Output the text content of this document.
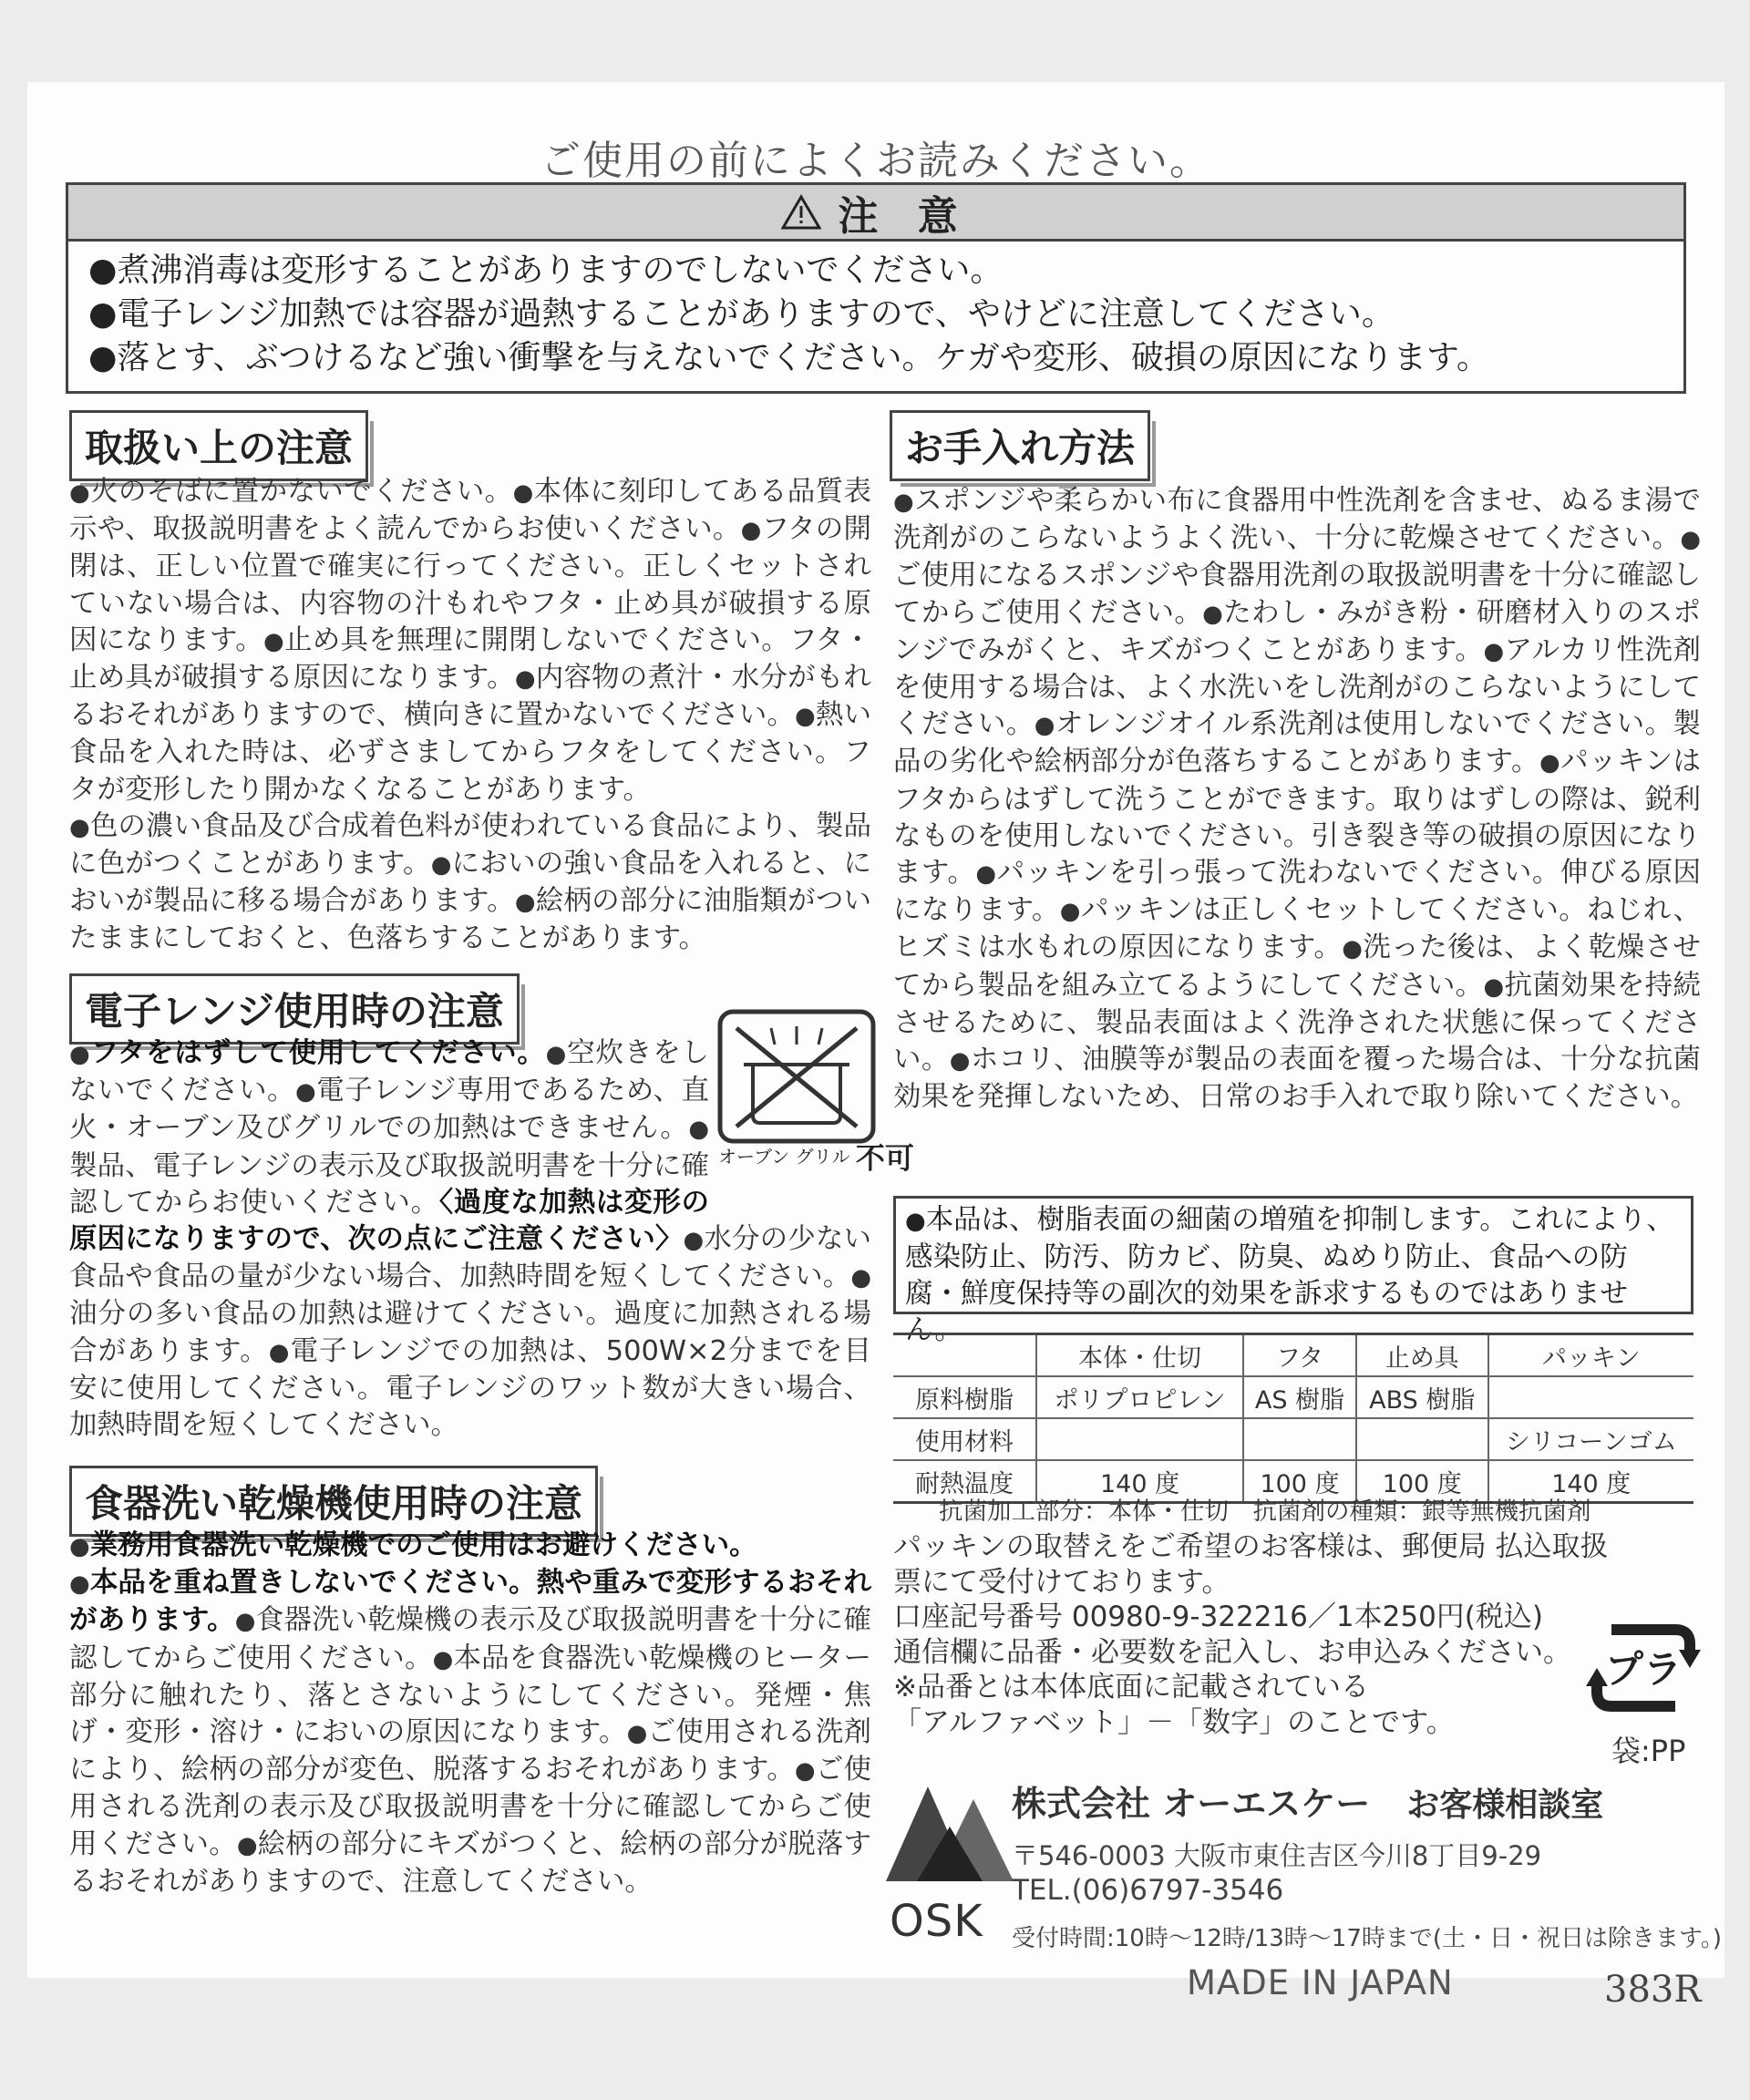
ご使用の前によくお読みください。
注 意
●煮沸消毒は変形することがありますのでしないでください。
●電子レンジ加熱では容器が過熱することがありますので、やけどに注意してください。
●落とす、ぶつけるなど強い衝撃を与えないでください。ケガや変形、破損の原因になります。
取扱い上の注意
●火のそばに置かないでください。●本体に刻印してある品質表示や、取扱説明書をよく読んでからお使いください。●フタの開閉は、正しい位置で確実に行ってください。正しくセットされていない場合は、内容物の汁もれやフタ・止め具が破損する原因になります。●止め具を無理に開閉しないでください。フタ・止め具が破損する原因になります。●内容物の煮汁・水分がもれるおそれがありますので、横向きに置かないでください。●熱い食品を入れた時は、必ずさましてからフタをしてください。フタが変形したり開かなくなることがあります。
●色の濃い食品及び合成着色料が使われている食品により、製品に色がつくことがあります。●においの強い食品を入れると、においが製品に移る場合があります。●絵柄の部分に油脂類がついたままにしておくと、色落ちすることがあります。
電子レンジ使用時の注意
オーブン グリル 不可
●フタをはずして使用してください。●空炊きをしないでください。●電子レンジ専用であるため、直火・オーブン及びグリルでの加熱はできません。●製品、電子レンジの表示及び取扱説明書を十分に確認してからお使いください。〈過度な加熱は変形の原因になりますので、次の点にご注意ください〉●水分の少ない食品や食品の量が少ない場合、加熱時間を短くしてください。●油分の多い食品の加熱は避けてください。過度に加熱される場合があります。●電子レンジでの加熱は、500W×2分までを目安に使用してください。電子レンジのワット数が大きい場合、加熱時間を短くしてください。
食器洗い乾燥機使用時の注意
●業務用食器洗い乾燥機でのご使用はお避けください。
●本品を重ね置きしないでください。熱や重みで変形するおそれがあります。●食器洗い乾燥機の表示及び取扱説明書を十分に確認してからご使用ください。●本品を食器洗い乾燥機のヒーター部分に触れたり、落とさないようにしてください。発煙・焦げ・変形・溶け・においの原因になります。●ご使用される洗剤により、絵柄の部分が変色、脱落するおそれがあります。●ご使用される洗剤の表示及び取扱説明書を十分に確認してからご使用ください。●絵柄の部分にキズがつくと、絵柄の部分が脱落するおそれがありますので、注意してください。
お手入れ方法
●スポンジや柔らかい布に食器用中性洗剤を含ませ、ぬるま湯で洗剤がのこらないようよく洗い、十分に乾燥させてください。●ご使用になるスポンジや食器用洗剤の取扱説明書を十分に確認してからご使用ください。●たわし・みがき粉・研磨材入りのスポンジでみがくと、キズがつくことがあります。●アルカリ性洗剤を使用する場合は、よく水洗いをし洗剤がのこらないようにしてください。●オレンジオイル系洗剤は使用しないでください。製品の劣化や絵柄部分が色落ちすることがあります。●パッキンはフタからはずして洗うことができます。取りはずしの際は、鋭利なものを使用しないでください。引き裂き等の破損の原因になります。●パッキンを引っ張って洗わないでください。伸びる原因になります。●パッキンは正しくセットしてください。ねじれ、ヒズミは水もれの原因になります。●洗った後は、よく乾燥させてから製品を組み立てるようにしてください。●抗菌効果を持続させるために、製品表面はよく洗浄された状態に保ってください。●ホコリ、油膜等が製品の表面を覆った場合は、十分な抗菌効果を発揮しないため、日常のお手入れで取り除いてください。
●本品は、樹脂表面の細菌の増殖を抑制します。これにより、感染防止、防汚、防カビ、防臭、ぬめり防止、食品への防腐・鮮度保持等の副次的効果を訴求するものではありません。
	本体・仕切	フタ	止め具	パッキン
原料樹脂	ポリプロピレン	AS 樹脂	ABS 樹脂	
使用材料				シリコーンゴム
耐熱温度	140 度	100 度	100 度	140 度
抗菌加工部分：本体・仕切　抗菌剤の種類：銀等無機抗菌剤
パッキンの取替えをご希望のお客様は、郵便局 払込取扱票にて受付けております。
口座記号番号 00980-9-322216／1本250円(税込)
通信欄に品番・必要数を記入し、お申込みください。
※品番とは本体底面に記載されている
「アルファベット」－「数字」のことです。
プラ
袋:PP
OSK
株式会社 オーエスケー お客様相談室
〒546-0003 大阪市東住吉区今川8丁目9-29
TEL.(06)6797-3546
受付時間:10時～12時/13時～17時まで(土・日・祝日は除きます。)
MADE IN JAPAN	383R
